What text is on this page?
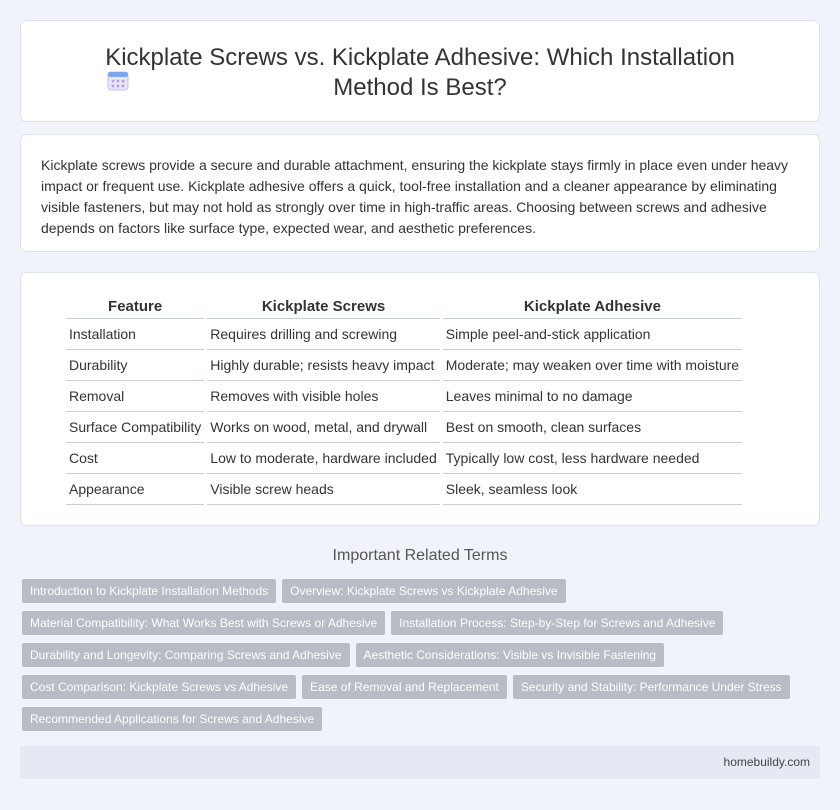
Kickplate Screws vs. Kickplate Adhesive: Which Installation
Method Is Best?

Kickplate screws provide a secure and durable attachment, ensuring the kickplate stays firmly in place even under heavy impact or frequent use. Kickplate adhesive offers a quick, tool-free installation and a cleaner appearance by eliminating visible fasteners, but may not hold as strongly over time in high-traffic areas. Choosing between screws and adhesive depends on factors like surface type, expected wear, and aesthetic preferences.

Feature	Kickplate Screws	Kickplate Adhesive
Installation	Requires drilling and screwing	Simple peel-and-stick application
Durability	Highly durable; resists heavy impact	Moderate; may weaken over time with moisture
Removal	Removes with visible holes	Leaves minimal to no damage
Surface Compatibility	Works on wood, metal, and drywall	Best on smooth, clean surfaces
Cost	Low to moderate, hardware included	Typically low cost, less hardware needed
Appearance	Visible screw heads	Sleek, seamless look
Important Related Terms
Introduction to Kickplate Installation Methods	Overview: Kickplate Screws vs Kickplate Adhesive
Material Compatibility: What Works Best with Screws or Adhesive	Installation Process: Step-by-Step for Screws and Adhesive
Durability and Longevity: Comparing Screws and Adhesive	Aesthetic Considerations: Visible vs Invisible Fastening
Cost Comparison: Kickplate Screws vs Adhesive	Ease of Removal and Replacement	Security and Stability: Performance Under Stress
Recommended Applications for Screws and Adhesive
homebuildy.com
